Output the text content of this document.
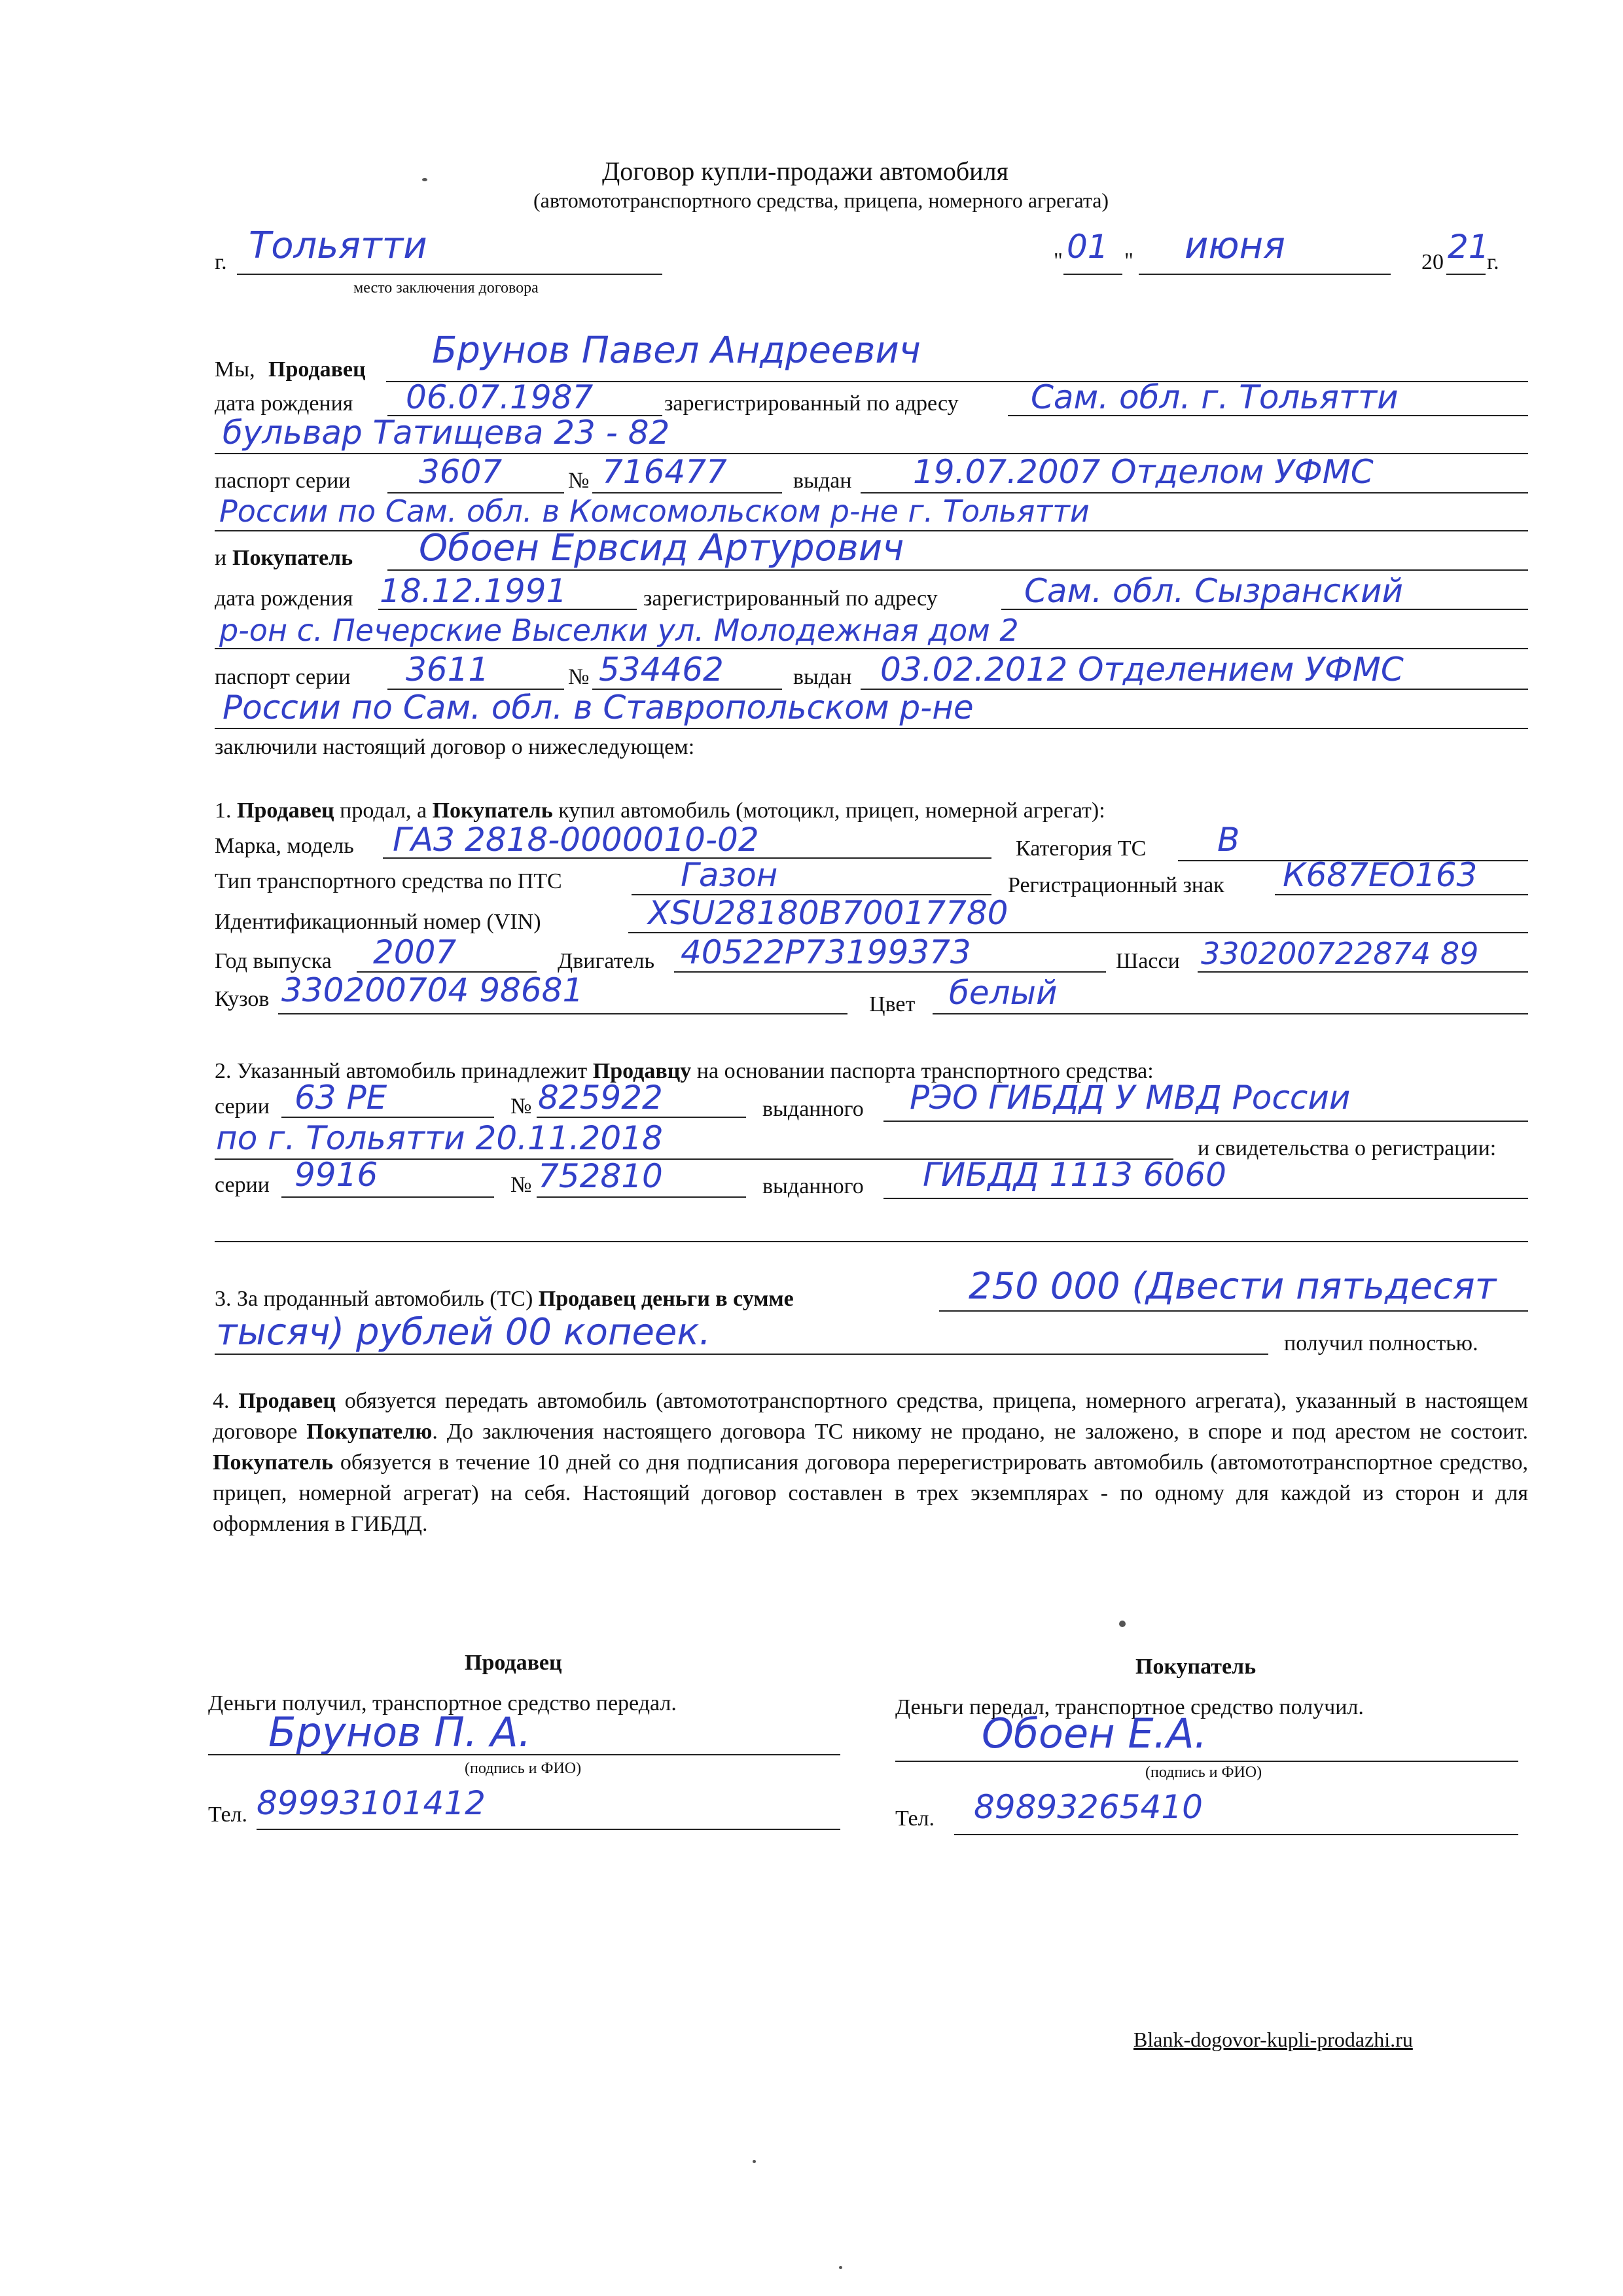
Договор купли-продажи автомобиля
(автомототранспортного средства, прицепа, номерного агрегата)
г. Тольятти
место заключения договора
" 01 " июня	20 21
г.
Мы, Продавец Брунов Павел Андреевич
дата рождения 06.07.1987	зарегистрированный по адресу Сам. обл. г. Тольятти
бульвар Татищева 23 - 82
паспорт серии 3607	№ 716477	выдан 19.07.2007 Отделом УФМС
России по Сам. обл. в Комсомольском р-не г. Тольятти
и Покупатель Обоен Ервсид Артурович
дата рождения 18.12.1991	зарегистрированный по адресу	Сам. обл. Сызранский
р-он с. Печерские Выселки ул. Молодежная дом 2
паспорт серии 3611	№ 534462	выдан 03.02.2012 Отделением УФМС
России по Сам. обл. в Ставропольском р-не
заключили настоящий договор о нижеследующем:
1. Продавец продал, а Покупатель купил автомобиль (мотоцикл, прицеп, номерной агрегат):
Марка, модель ГАЗ 2818-0000010-02	Категория ТС В
Тип транспортного средства по ПТС	Газон	Регистрационный знак К687ЕО163
Идентификационный номер (VIN)	XSU28180B70017780
Год выпуска 2007	Двигатель 40522P73199373	Шасси 330200722874 89
Кузов 330200704 98681	Цвет белый
2. Указанный автомобиль принадлежит Продавцу на основании паспорта транспортного средства:
серии 63 РЕ	№ 825922	выданного РЭО ГИБДД У МВД России
по г. Тольятти 20.11.2018	и свидетельства о регистрации:
серии 9916	№ 752810	выданного ГИБДД 1113 6060
3. За проданный автомобиль (ТС) Продавец деньги в сумме	250 000 (Двести пятьдесят
тысяч) рублей 00 копеек.	получил полностью.
4. Продавец обязуется передать автомобиль (автомототранспортного средства, прицепа, номерного агрегата), указанный в настоящем договоре Покупателю. До заключения настоящего договора ТС никому не продано, не заложено, в споре и под арестом не состоит. Покупатель обязуется в течение 10 дней со дня подписания договора перерегистрировать автомобиль (автомототранспортное средство, прицеп, номерной агрегат) на себя. Настоящий договор составлен в трех экземплярах - по одному для каждой из сторон и для оформления в ГИБДД.
Продавец
Деньги получил, транспортное средство передал.
Брунов П. А.
(подпись и ФИО)
Тел. 89993101412
Покупатель
Деньги передал, транспортное средство получил.
Обоен Е.А.
(подпись и ФИО)
Тел. 89893265410
Blank-dogovor-kupli-prodazhi.ru
